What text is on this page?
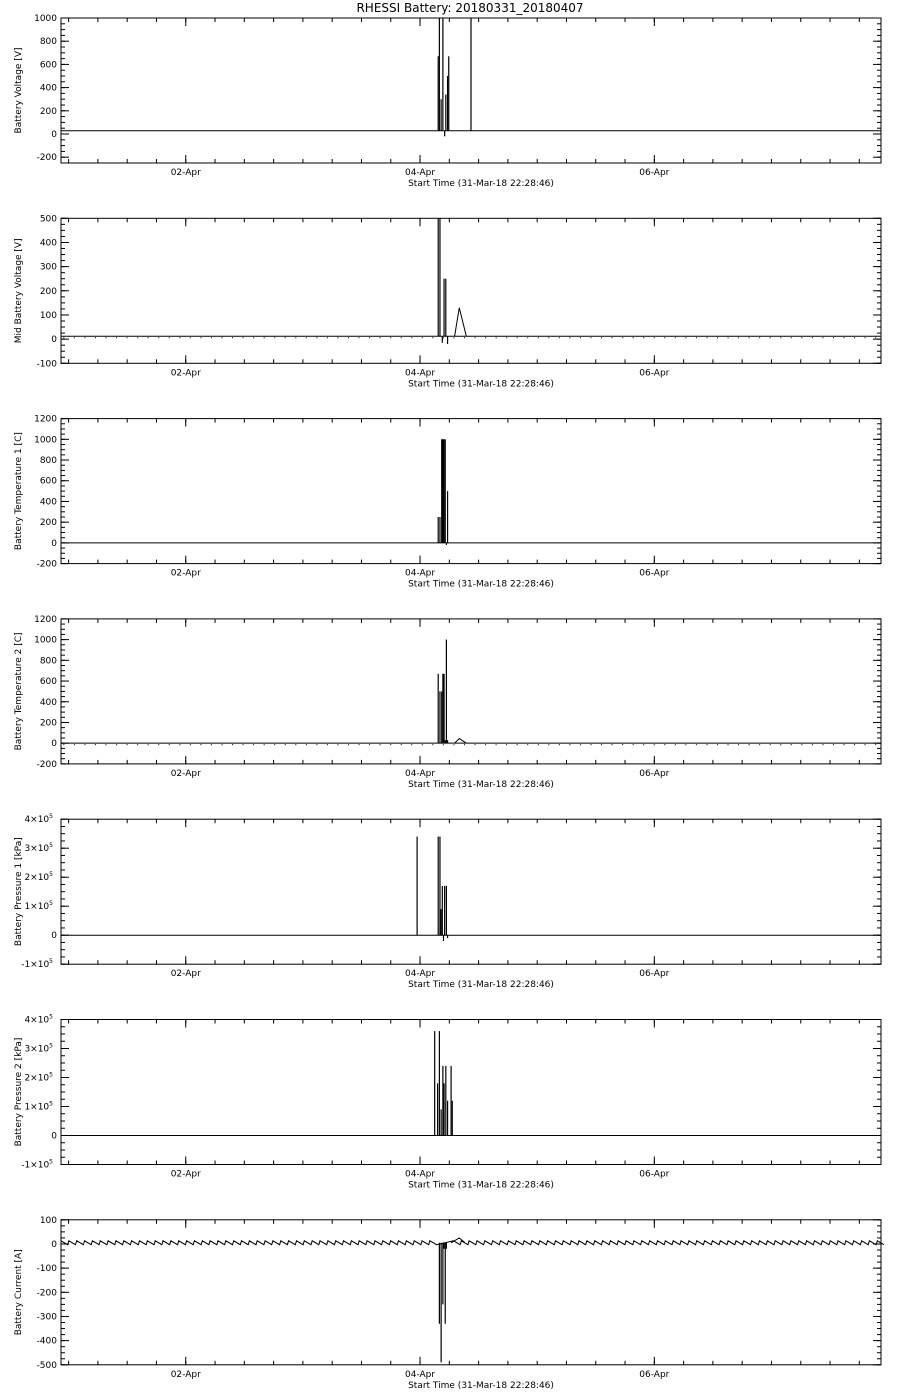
RHESSI Battery: 20180331_20180407
-200
0
200
400
600
800
1000
02-Apr	04-Apr	06-Apr
Start Time (31-Mar-18 22:28:46)
Battery Voltage [V]
-100
0
100
200
300
400
500
02-Apr	04-Apr	06-Apr
Start Time (31-Mar-18 22:28:46)
Mid Battery Voltage [V]
-200
0
200
400
600
800
1000
1200
02-Apr	04-Apr	06-Apr
Start Time (31-Mar-18 22:28:46)
Battery Temperature 1 [C]
-200
0
200
400
600
800
1000
1200
02-Apr	04-Apr	06-Apr
Start Time (31-Mar-18 22:28:46)
Battery Temperature 2 [C]
$-1\times 10^5$
0
$1\times 10^5$
$2\times 10^5$
$3\times 10^5$
$4\times 10^5$
02-Apr	04-Apr	06-Apr
Start Time (31-Mar-18 22:28:46)
Battery Pressure 1 [kPa]
$-1\times 10^5$
0
$1\times 10^5$
$2\times 10^5$
$3\times 10^5$
$4\times 10^5$
02-Apr	04-Apr	06-Apr
Start Time (31-Mar-18 22:28:46)
Battery Pressure 2 [kPa]
-500
-400
-300
-200
-100
0
100
02-Apr	04-Apr	06-Apr
Start Time (31-Mar-18 22:28:46)
Battery Current [A]
